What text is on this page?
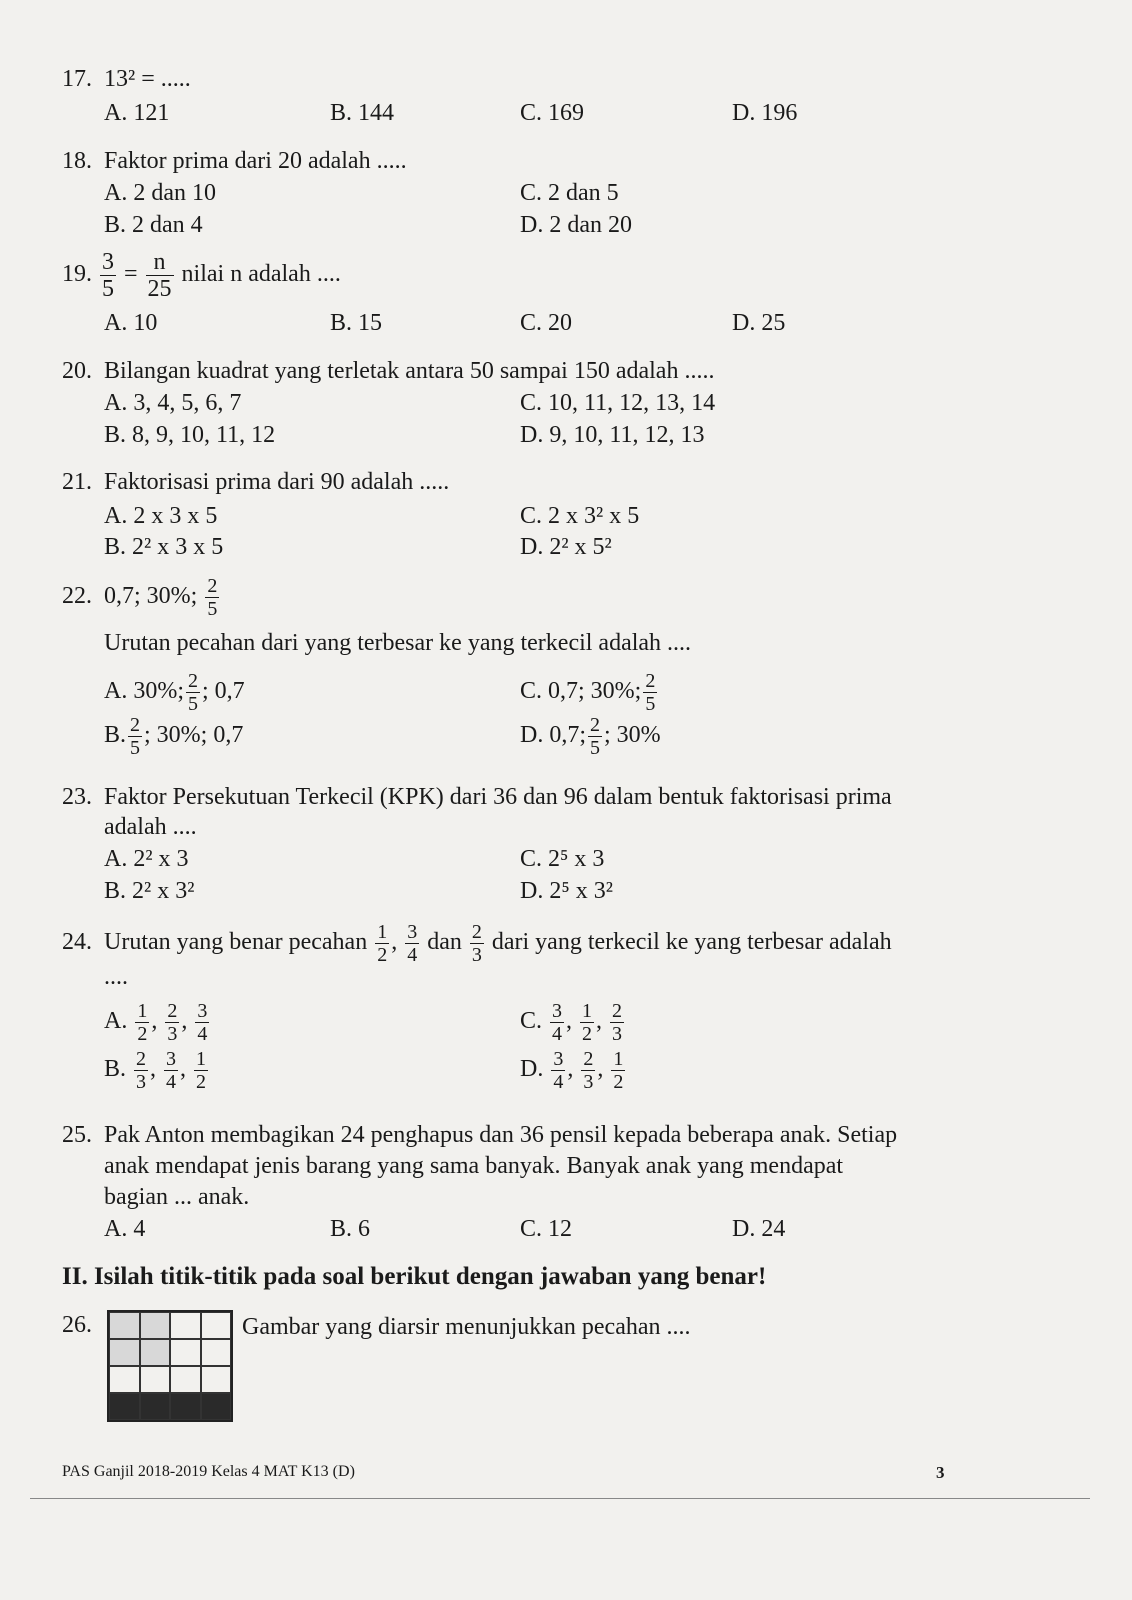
17. 13² = .....
A. 121	B. 144	C. 169	D. 196
18. Faktor prima dari 20 adalah .....
A. 2 dan 10	C. 2 dan 5
B. 2 dan 4	D. 2 dan 20
19. $\frac{3}{5} = \frac{n}{25}$ nilai n adalah ....
A. 10	B. 15	C. 20	D. 25
20. Bilangan kuadrat yang terletak antara 50 sampai 150 adalah .....
A. 3, 4, 5, 6, 7	C. 10, 11, 12, 13, 14
B. 8, 9, 10, 11, 12	D. 9, 10, 11, 12, 13
21. Faktorisasi prima dari 90 adalah .....
A. 2 x 3 x 5	C. 2 x 3² x 5
B. 2² x 3 x 5	D. 2² x 5²
22. 0,7; 30%; $\frac{2}{5}$
Urutan pecahan dari yang terbesar ke yang terkecil adalah ....
A. 30%; $\frac{2}{5}$ ; 0,7	C. 0,7; 30%; $\frac{2}{5}$
B. $\frac{2}{5}$ ; 30%; 0,7	D. 0,7; $\frac{2}{5}$ ; 30%
23. Faktor Persekutuan Terkecil (KPK) dari 36 dan 96 dalam bentuk faktorisasi prima
adalah ....
A. 2² x 3	C. 2⁵ x 3
B. 2² x 3²	D. 2⁵ x 3²
24. Urutan yang benar pecahan $\frac{1}{2}$ , $\frac{3}{4}$ dan $\frac{2}{3}$ dari yang terkecil ke yang terbesar adalah
....
A. $\frac{1}{2}$ , $\frac{2}{3}$ , $\frac{3}{4}$	C. $\frac{3}{4}$ , $\frac{1}{2}$ , $\frac{2}{3}$
B. $\frac{2}{3}$ , $\frac{3}{4}$ , $\frac{1}{2}$	D. $\frac{3}{4}$ , $\frac{2}{3}$ , $\frac{1}{2}$
25. Pak Anton membagikan 24 penghapus dan 36 pensil kepada beberapa anak. Setiap
anak mendapat jenis barang yang sama banyak. Banyak anak yang mendapat
bagian ... anak.
A. 4	B. 6	C. 12	D. 24
II. Isilah titik-titik pada soal berikut dengan jawaban yang benar!
26.	Gambar yang diarsir menunjukkan pecahan ....
PAS Ganjil 2018-2019 Kelas 4 MAT K13 (D)	3
